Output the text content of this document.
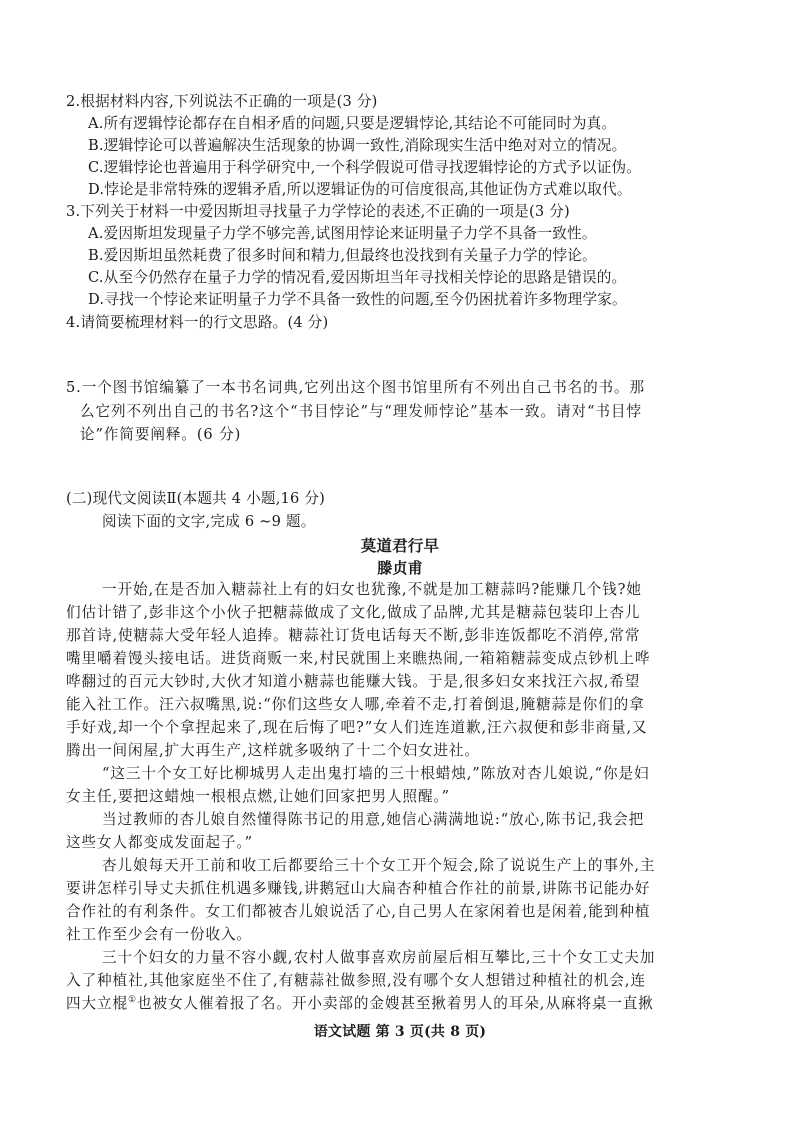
2.根据材料内容,下列说法不正确的一项是(3 分)
A.所有逻辑悖论都存在自相矛盾的问题,只要是逻辑悖论,其结论不可能同时为真。
B.逻辑悖论可以普遍解决生活现象的协调一致性,消除现实生活中绝对对立的情况。
C.逻辑悖论也普遍用于科学研究中,一个科学假说可借寻找逻辑悖论的方式予以证伪。
D.悖论是非常特殊的逻辑矛盾,所以逻辑证伪的可信度很高,其他证伪方式难以取代。
3.下列关于材料一中爱因斯坦寻找量子力学悖论的表述,不正确的一项是(3 分)
A.爱因斯坦发现量子力学不够完善,试图用悖论来证明量子力学不具备一致性。
B.爱因斯坦虽然耗费了很多时间和精力,但最终也没找到有关量子力学的悖论。
C.从至今仍然存在量子力学的情况看,爱因斯坦当年寻找相关悖论的思路是错误的。
D.寻找一个悖论来证明量子力学不具备一致性的问题,至今仍困扰着许多物理学家。
4.请简要梳理材料一的行文思路。(4 分)
5.一个图书馆编纂了一本书名词典,它列出这个图书馆里所有不列出自己书名的书。那
么它列不列出自己的书名?这个“书目悖论”与“理发师悖论”基本一致。请对“书目悖
论”作简要阐释。(6 分)
(二)现代文阅读Ⅱ(本题共 4 小题,16 分)
阅读下面的文字,完成 6 ~9 题。
莫道君行早
滕贞甫
一开始,在是否加入糖蒜社上有的妇女也犹豫,不就是加工糖蒜吗?能赚几个钱?她
们估计错了,彭非这个小伙子把糖蒜做成了文化,做成了品牌,尤其是糖蒜包装印上杏儿
那首诗,使糖蒜大受年轻人追捧。糖蒜社订货电话每天不断,彭非连饭都吃不消停,常常
嘴里嚼着馒头接电话。进货商贩一来,村民就围上来瞧热闹,一箱箱糖蒜变成点钞机上哗
哗翻过的百元大钞时,大伙才知道小糖蒜也能赚大钱。于是,很多妇女来找汪六叔,希望
能入社工作。汪六叔嘴黑,说:“你们这些女人哪,牵着不走,打着倒退,腌糖蒜是你们的拿
手好戏,却一个个拿捏起来了,现在后悔了吧?”女人们连连道歉,汪六叔便和彭非商量,又
腾出一间闲屋,扩大再生产,这样就多吸纳了十二个妇女进社。
“这三十个女工好比柳城男人走出鬼打墙的三十根蜡烛,”陈放对杏儿娘说,“你是妇
女主任,要把这蜡烛一根根点燃,让她们回家把男人照醒。”
当过教师的杏儿娘自然懂得陈书记的用意,她信心满满地说:“放心,陈书记,我会把
这些女人都变成发面起子。”
杏儿娘每天开工前和收工后都要给三十个女工开个短会,除了说说生产上的事外,主
要讲怎样引导丈夫抓住机遇多赚钱,讲鹅冠山大扁杏种植合作社的前景,讲陈书记能办好
合作社的有利条件。女工们都被杏儿娘说活了心,自己男人在家闲着也是闲着,能到种植
社工作至少会有一份收入。
三十个妇女的力量不容小觑,农村人做事喜欢房前屋后相互攀比,三十个女工丈夫加
入了种植社,其他家庭坐不住了,有糖蒜社做参照,没有哪个女人想错过种植社的机会,连
四大立棍①也被女人催着报了名。开小卖部的金嫂甚至揪着男人的耳朵,从麻将桌一直揪
语文试题 第 3 页(共 8 页)
